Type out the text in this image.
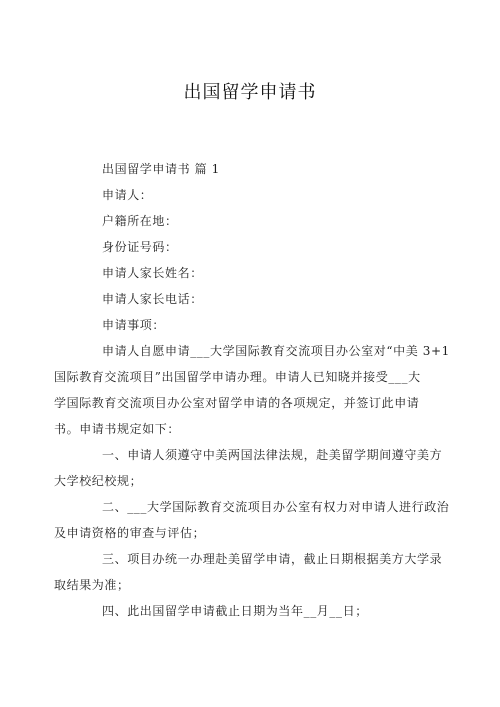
出国留学申请书

出国留学申请书 篇 1

申请人：

户籍所在地：

身份证号码：

申请人家长姓名：

申请人家长电话：

申请事项：

申请人自愿申请___大学国际教育交流项目办公室对“中美 3+1

国际教育交流项目”出国留学申请办理。申请人已知晓并接受___大

学国际教育交流项目办公室对留学申请的各项规定，并签订此申请

书。申请书规定如下：

一、申请人须遵守中美两国法律法规，赴美留学期间遵守美方

大学校纪校规；

二、___大学国际教育交流项目办公室有权力对申请人进行政治

及申请资格的审查与评估；

三、项目办统一办理赴美留学申请，截止日期根据美方大学录

取结果为准；

四、此出国留学申请截止日期为当年__月__日；
